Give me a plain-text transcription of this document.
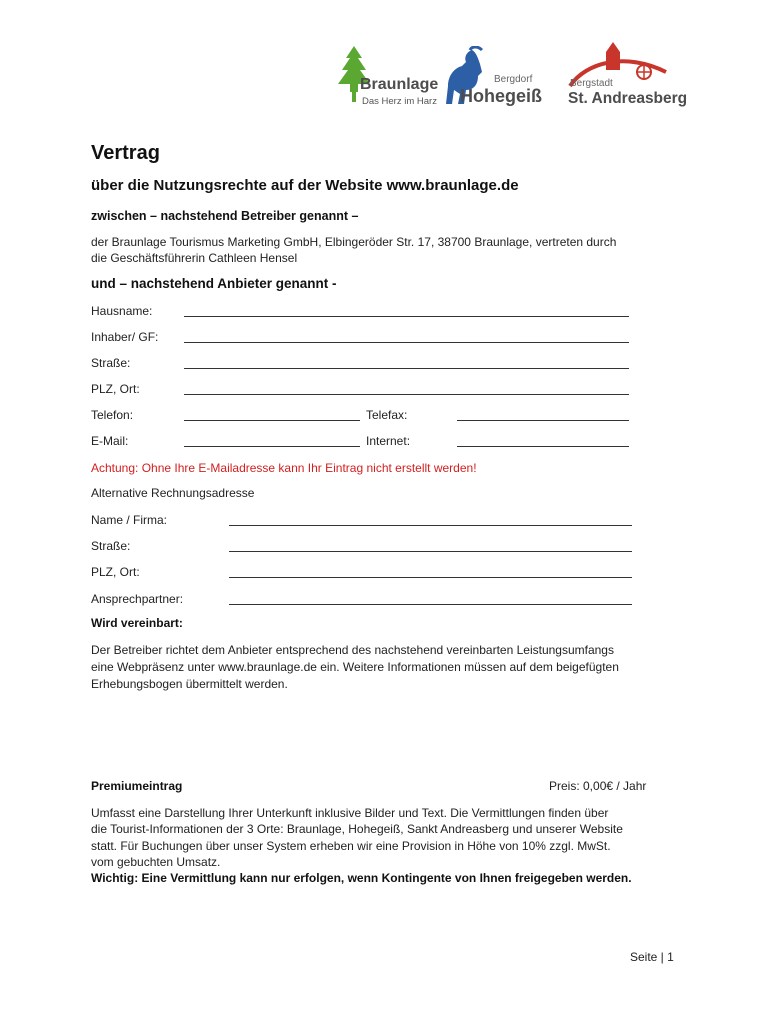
Braunlage
Das Herz im Harz
Bergdorf
Hohegeiß
Bergstadt
St. Andreasberg
Vertrag
über die Nutzungsrechte auf der Website www.braunlage.de
zwischen – nachstehend Betreiber genannt –
der Braunlage Tourismus Marketing GmbH, Elbingeröder Str. 17, 38700 Braunlage, vertreten durch
die Geschäftsführerin Cathleen Hensel
und – nachstehend Anbieter genannt -
Hausname:
Inhaber/ GF:
Straße:
PLZ, Ort:
Telefon:	Telefax:
E-Mail:	Internet:
Achtung: Ohne Ihre E-Mailadresse kann Ihr Eintrag nicht erstellt werden!
Alternative Rechnungsadresse
Name / Firma:
Straße:
PLZ, Ort:
Ansprechpartner:
Wird vereinbart:
Der Betreiber richtet dem Anbieter entsprechend des nachstehend vereinbarten Leistungsumfangs
eine Webpräsenz unter www.braunlage.de ein. Weitere Informationen müssen auf dem beigefügten
Erhebungsbogen übermittelt werden.
Premiumeintrag	Preis: 0,00€ / Jahr
Umfasst eine Darstellung Ihrer Unterkunft inklusive Bilder und Text. Die Vermittlungen finden über
die Tourist-Informationen der 3 Orte: Braunlage, Hohegeiß, Sankt Andreasberg und unserer Website
statt. Für Buchungen über unser System erheben wir eine Provision in Höhe von 10% zzgl. MwSt.
vom gebuchten Umsatz.
Wichtig: Eine Vermittlung kann nur erfolgen, wenn Kontingente von Ihnen freigegeben werden.
Seite | 1
